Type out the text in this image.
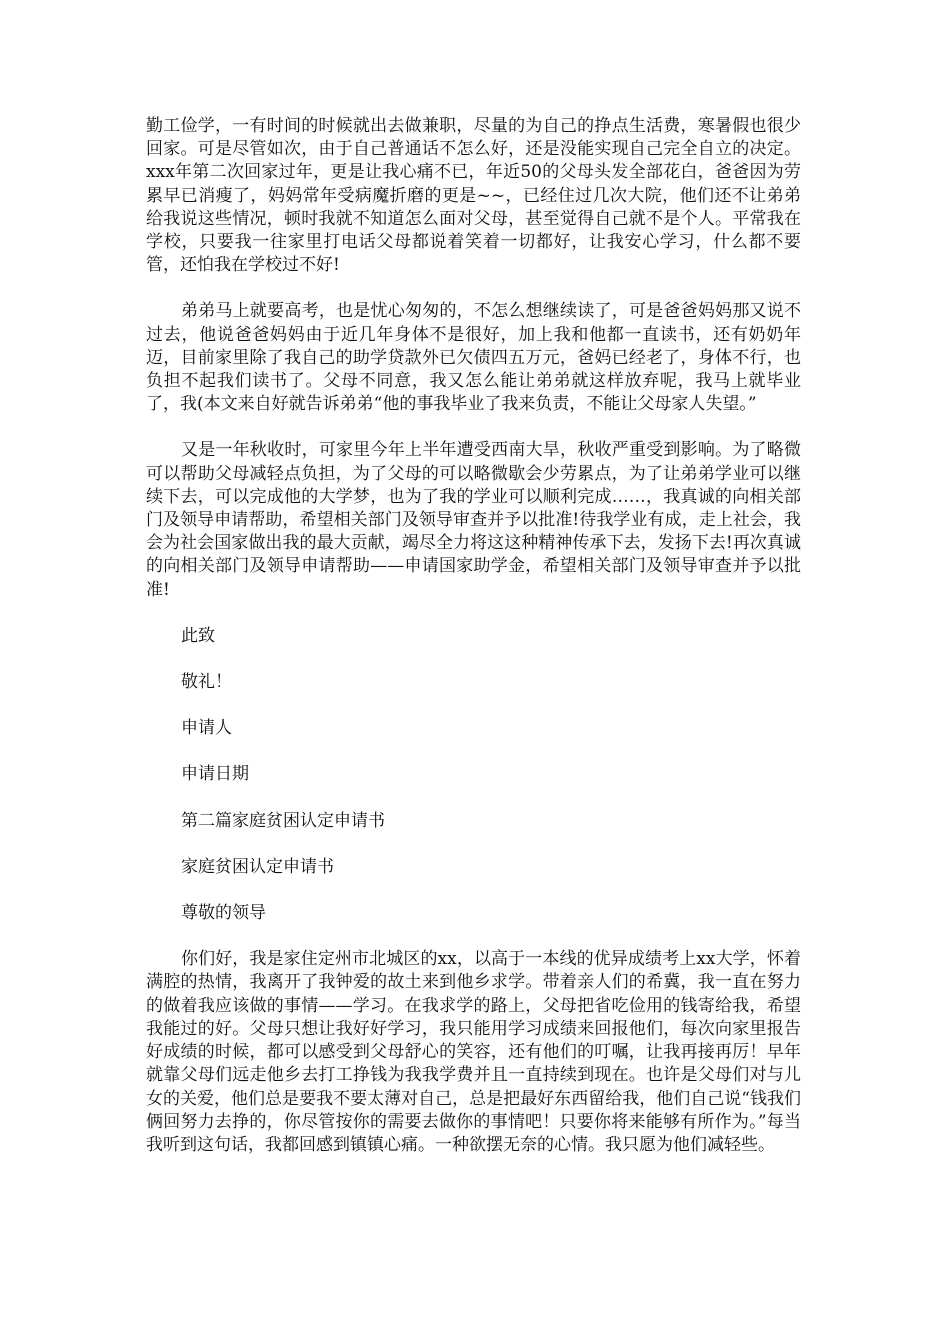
勤工俭学，一有时间的时候就出去做兼职，尽量的为自己的挣点生活费，寒暑假也很少回家。可是尽管如次，由于自己普通话不怎么好，还是没能实现自己完全自立的决定。xxx年第二次回家过年，更是让我心痛不已，年近50的父母头发全部花白，爸爸因为劳累早已消瘦了，妈妈常年受病魔折磨的更是~~，已经住过几次大院，他们还不让弟弟给我说这些情况，顿时我就不知道怎么面对父母，甚至觉得自己就不是个人。平常我在学校，只要我一往家里打电话父母都说着笑着一切都好，让我安心学习，什么都不要管，还怕我在学校过不好!

弟弟马上就要高考，也是忧心匆匆的，不怎么想继续读了，可是爸爸妈妈那又说不过去，他说爸爸妈妈由于近几年身体不是很好，加上我和他都一直读书，还有奶奶年迈，目前家里除了我自己的助学贷款外已欠债四五万元，爸妈已经老了，身体不行，也负担不起我们读书了。父母不同意，我又怎么能让弟弟就这样放弃呢，我马上就毕业了，我(本文来自好就告诉弟弟“他的事我毕业了我来负责，不能让父母家人失望。”

又是一年秋收时，可家里今年上半年遭受西南大旱，秋收严重受到影响。为了略微可以帮助父母减轻点负担，为了父母的可以略微歇会少劳累点，为了让弟弟学业可以继续下去，可以完成他的大学梦，也为了我的学业可以顺利完成……，我真诚的向相关部门及领导申请帮助，希望相关部门及领导审查并予以批准!待我学业有成，走上社会，我会为社会国家做出我的最大贡献，竭尽全力将这这种精神传承下去，发扬下去!再次真诚的向相关部门及领导申请帮助——申请国家助学金，希望相关部门及领导审查并予以批准!

此致

敬礼！

申请人

申请日期

第二篇家庭贫困认定申请书

家庭贫困认定申请书

尊敬的领导

你们好，我是家住定州市北城区的xx，以高于一本线的优异成绩考上xx大学，怀着满腔的热情，我离开了我钟爱的故土来到他乡求学。带着亲人们的希冀，我一直在努力的做着我应该做的事情——学习。在我求学的路上，父母把省吃俭用的钱寄给我，希望我能过的好。父母只想让我好好学习，我只能用学习成绩来回报他们，每次向家里报告好成绩的时候，都可以感受到父母舒心的笑容，还有他们的叮嘱，让我再接再厉！早年就靠父母们远走他乡去打工挣钱为我我学费并且一直持续到现在。也许是父母们对与儿女的关爱，他们总是要我不要太薄对自己，总是把最好东西留给我，他们自己说“钱我们俩回努力去挣的，你尽管按你的需要去做你的事情吧！只要你将来能够有所作为。”每当我听到这句话，我都回感到镇镇心痛。一种欲摆无奈的心情。我只愿为他们减轻些。
